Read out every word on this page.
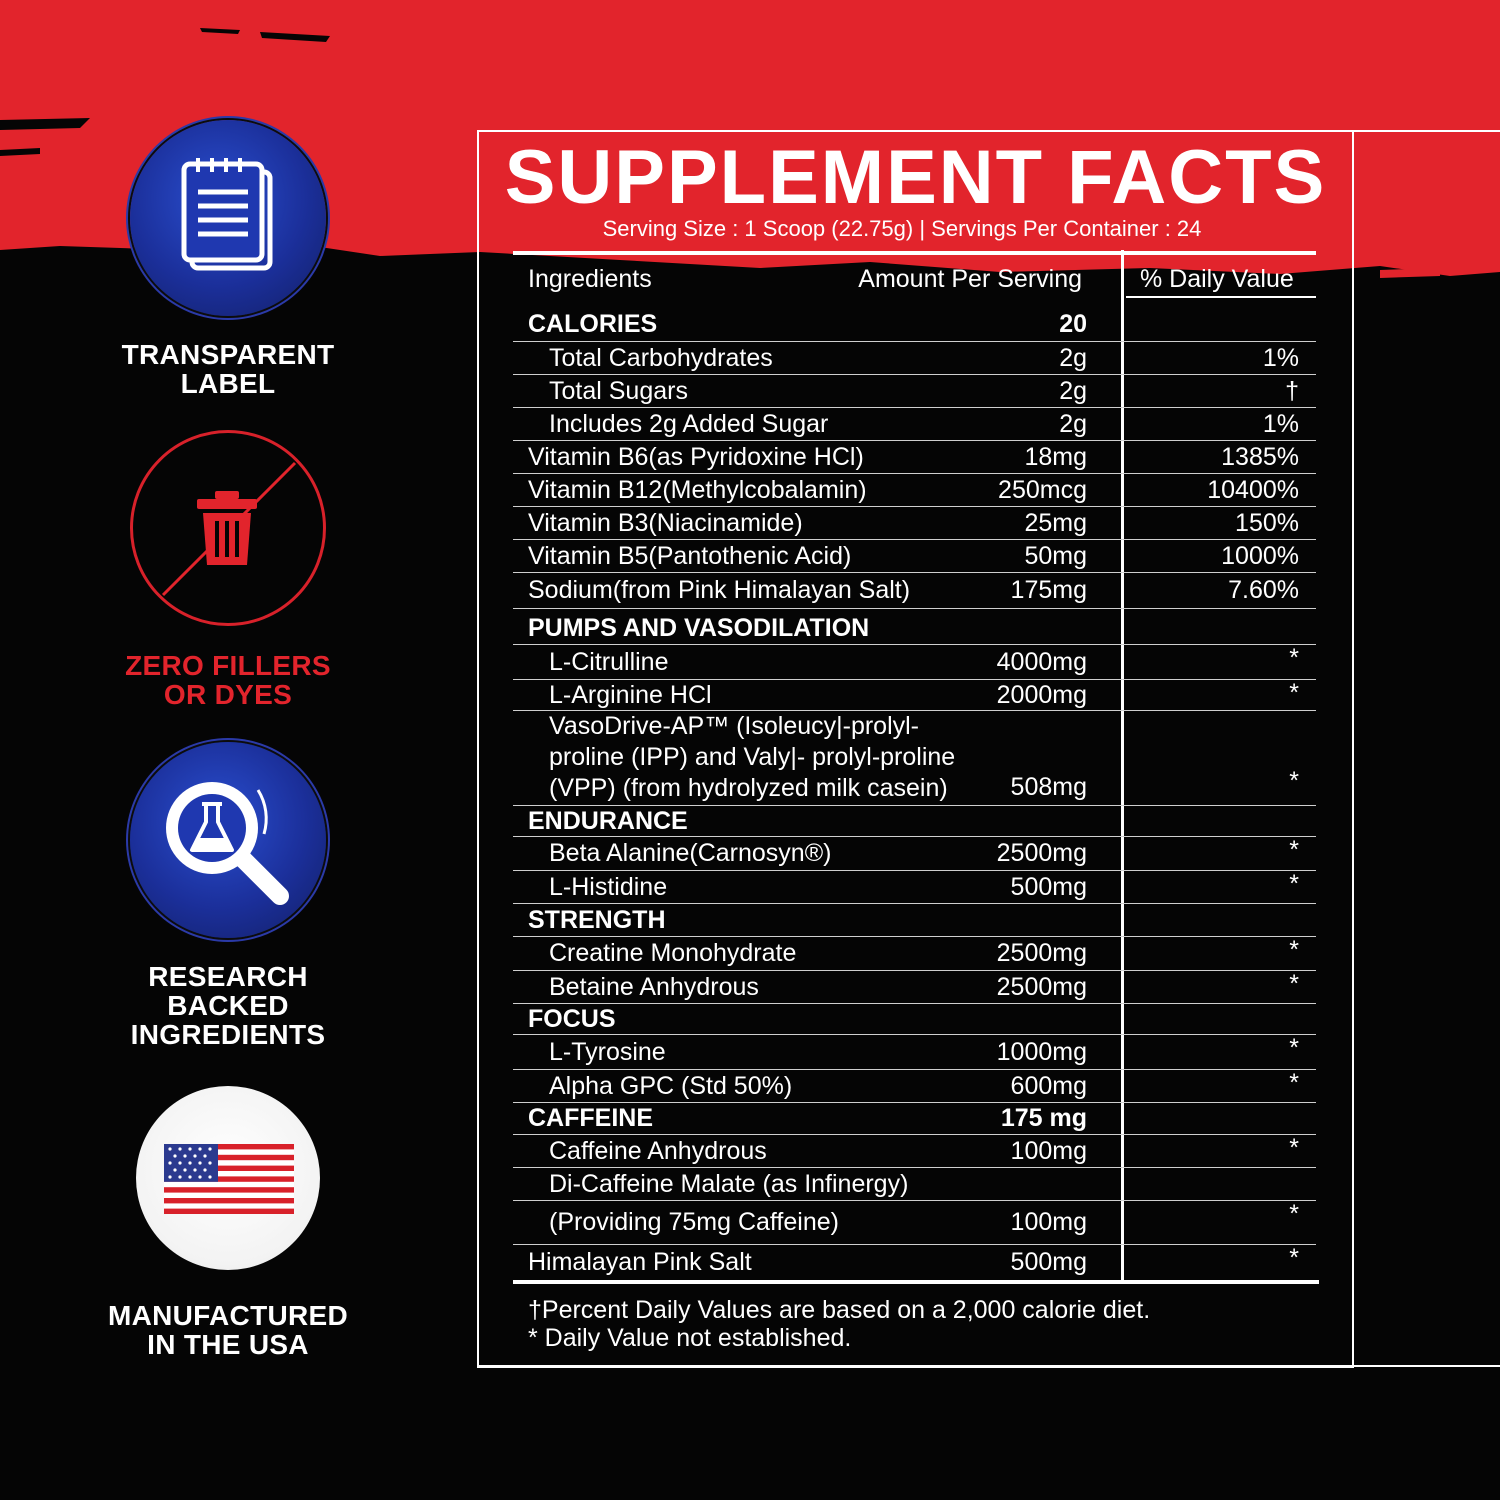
TRANSPARENT
LABEL
ZERO FILLERS
OR DYES
RESEARCH
BACKED
INGREDIENTS
MANUFACTURED
IN THE USA
SUPPLEMENT FACTS
Serving Size : 1 Scoop (22.75g) | Servings Per Container : 24
Ingredients	Amount Per Serving % Daily Value
CALORIES	20
Total Carbohydrates	2g	1%
Total Sugars	2g	†
Includes 2g Added Sugar	2g	1%
Vitamin B6(as Pyridoxine HCl)	18mg	1385%
Vitamin B12(Methylcobalamin)	250mcg	10400%
Vitamin B3(Niacinamide)	25mg	150%
Vitamin B5(Pantothenic Acid)	50mg	1000%
Sodium(from Pink Himalayan Salt)	175mg	7.60%
PUMPS AND VASODILATION
L-Citrulline	4000mg	*
L-Arginine HCl	2000mg	*
VasoDrive-AP™ (Isoleucy|-prolyl-proline (IPP) and Valy|- prolyl-proline (VPP) (from hydrolyzed milk casein)	508mg	*
ENDURANCE
Beta Alanine(Carnosyn®)	2500mg	*
L-Histidine	500mg	*
STRENGTH
Creatine Monohydrate	2500mg	*
Betaine Anhydrous	2500mg	*
FOCUS
L-Tyrosine	1000mg	*
Alpha GPC (Std 50%)	600mg	*
CAFFEINE	175 mg
Caffeine Anhydrous	100mg	*
Di-Caffeine Malate (as Infinergy)
(Providing 75mg Caffeine)	100mg	*
Himalayan Pink Salt	500mg	*
†Percent Daily Values are based on a 2,000 calorie diet.
* Daily Value not established.
